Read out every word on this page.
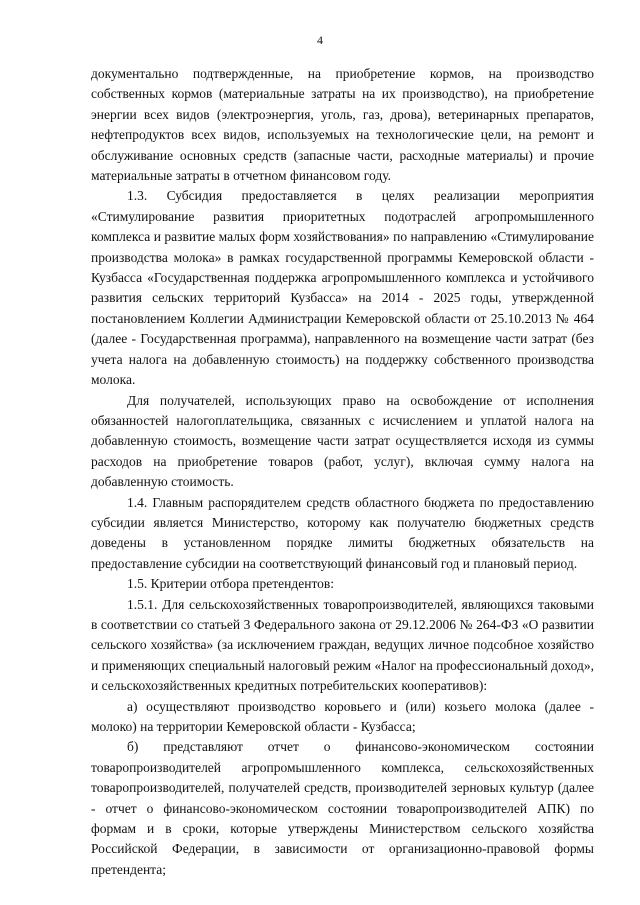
4

документально подтвержденные, на приобретение кормов, на производство собственных кормов (материальные затраты на их производство), на приобретение энергии всех видов (электроэнергия, уголь, газ, дрова), ветеринарных препаратов, нефтепродуктов всех видов, используемых на технологические цели, на ремонт и обслуживание основных средств (запасные части, расходные материалы) и прочие материальные затраты в отчетном финансовом году.

1.3. Субсидия предоставляется в целях реализации мероприятия «Стимулирование развития приоритетных подотраслей агропромышленного комплекса и развитие малых форм хозяйствования» по направлению «Стимулирование производства молока» в рамках государственной программы Кемеровской области - Кузбасса «Государственная поддержка агропромышленного комплекса и устойчивого развития сельских территорий Кузбасса» на 2014 - 2025 годы, утвержденной постановлением Коллегии Администрации Кемеровской области от 25.10.2013 № 464 (далее - Государственная программа), направленного на возмещение части затрат (без учета налога на добавленную стоимость) на поддержку собственного производства молока.

Для получателей, использующих право на освобождение от исполнения обязанностей налогоплательщика, связанных с исчислением и уплатой налога на добавленную стоимость, возмещение части затрат осуществляется исходя из суммы расходов на приобретение товаров (работ, услуг), включая сумму налога на добавленную стоимость.

1.4. Главным распорядителем средств областного бюджета по предоставлению субсидии является Министерство, которому как получателю бюджетных средств доведены в установленном порядке лимиты бюджетных обязательств на предоставление субсидии на соответствующий финансовый год и плановый период.

1.5. Критерии отбора претендентов:

1.5.1. Для сельскохозяйственных товаропроизводителей, являющихся таковыми в соответствии со статьей 3 Федерального закона от 29.12.2006 № 264-ФЗ «О развитии сельского хозяйства» (за исключением граждан, ведущих личное подсобное хозяйство и применяющих специальный налоговый режим «Налог на профессиональный доход», и сельскохозяйственных кредитных потребительских кооперативов):

а) осуществляют производство коровьего и (или) козьего молока (далее - молоко) на территории Кемеровской области - Кузбасса;

б) представляют отчет о финансово-экономическом состоянии товаропроизводителей агропромышленного комплекса, сельскохозяйственных товаропроизводителей, получателей средств, производителей зерновых культур (далее - отчет о финансово-экономическом состоянии товаропроизводителей АПК) по формам и в сроки, которые утверждены Министерством сельского хозяйства Российской Федерации, в зависимости от организационно-правовой формы претендента;
